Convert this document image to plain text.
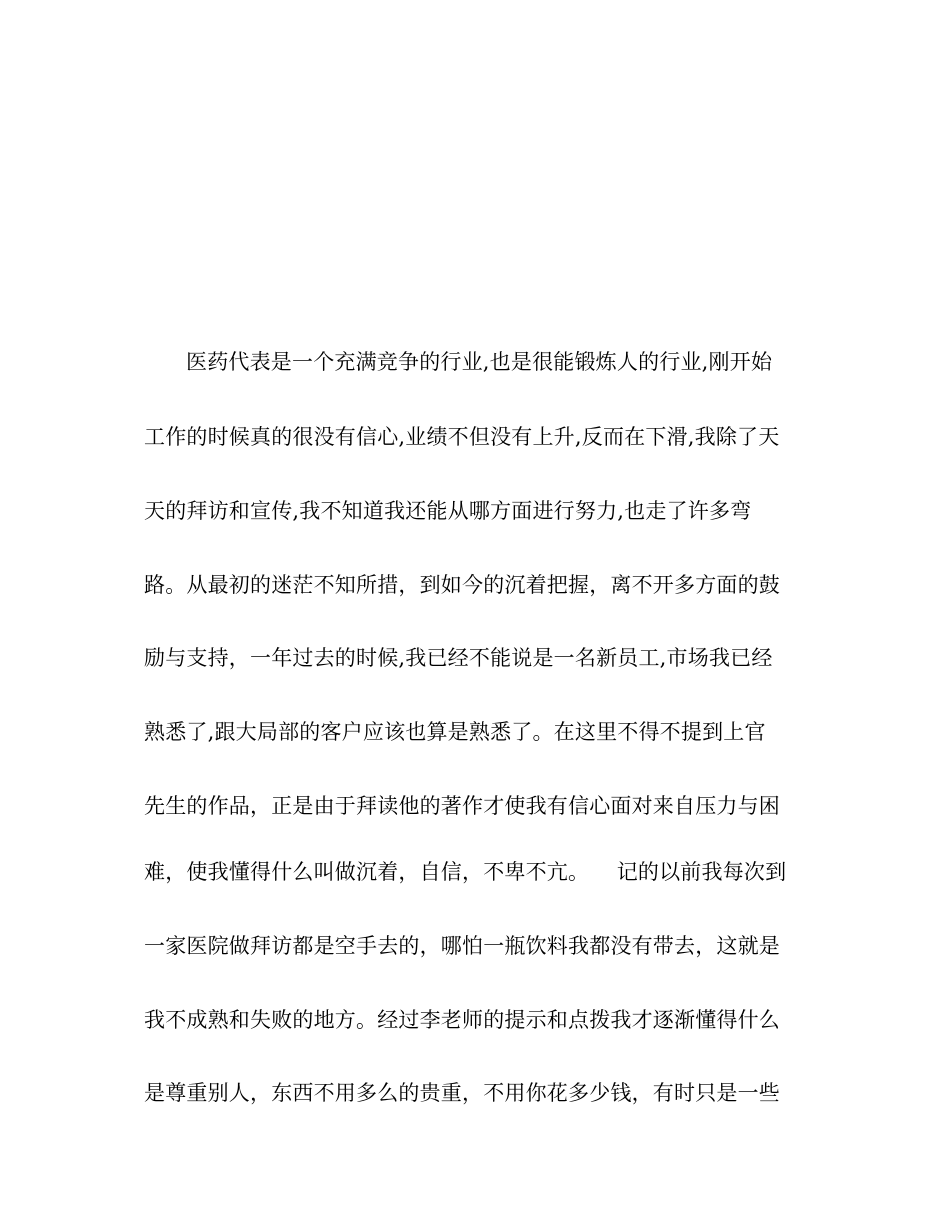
医药代表是一个充满竞争的行业,也是很能锻炼人的行业,刚开始
工作的时候真的很没有信心,业绩不但没有上升,反而在下滑,我除了天
天的拜访和宣传,我不知道我还能从哪方面进行努力,也走了许多弯
路。从最初的迷茫不知所措，到如今的沉着把握，离不开多方面的鼓
励与支持，一年过去的时候,我已经不能说是一名新员工,市场我已经
熟悉了,跟大局部的客户应该也算是熟悉了。在这里不得不提到上官
先生的作品，正是由于拜读他的著作才使我有信心面对来自压力与困
难，使我懂得什么叫做沉着，自信，不卑不亢。    记的以前我每次到
一家医院做拜访都是空手去的，哪怕一瓶饮料我都没有带去，这就是
我不成熟和失败的地方。经过李老师的提示和点拨我才逐渐懂得什么
是尊重别人，东西不用多么的贵重，不用你花多少钱，有时只是一些
